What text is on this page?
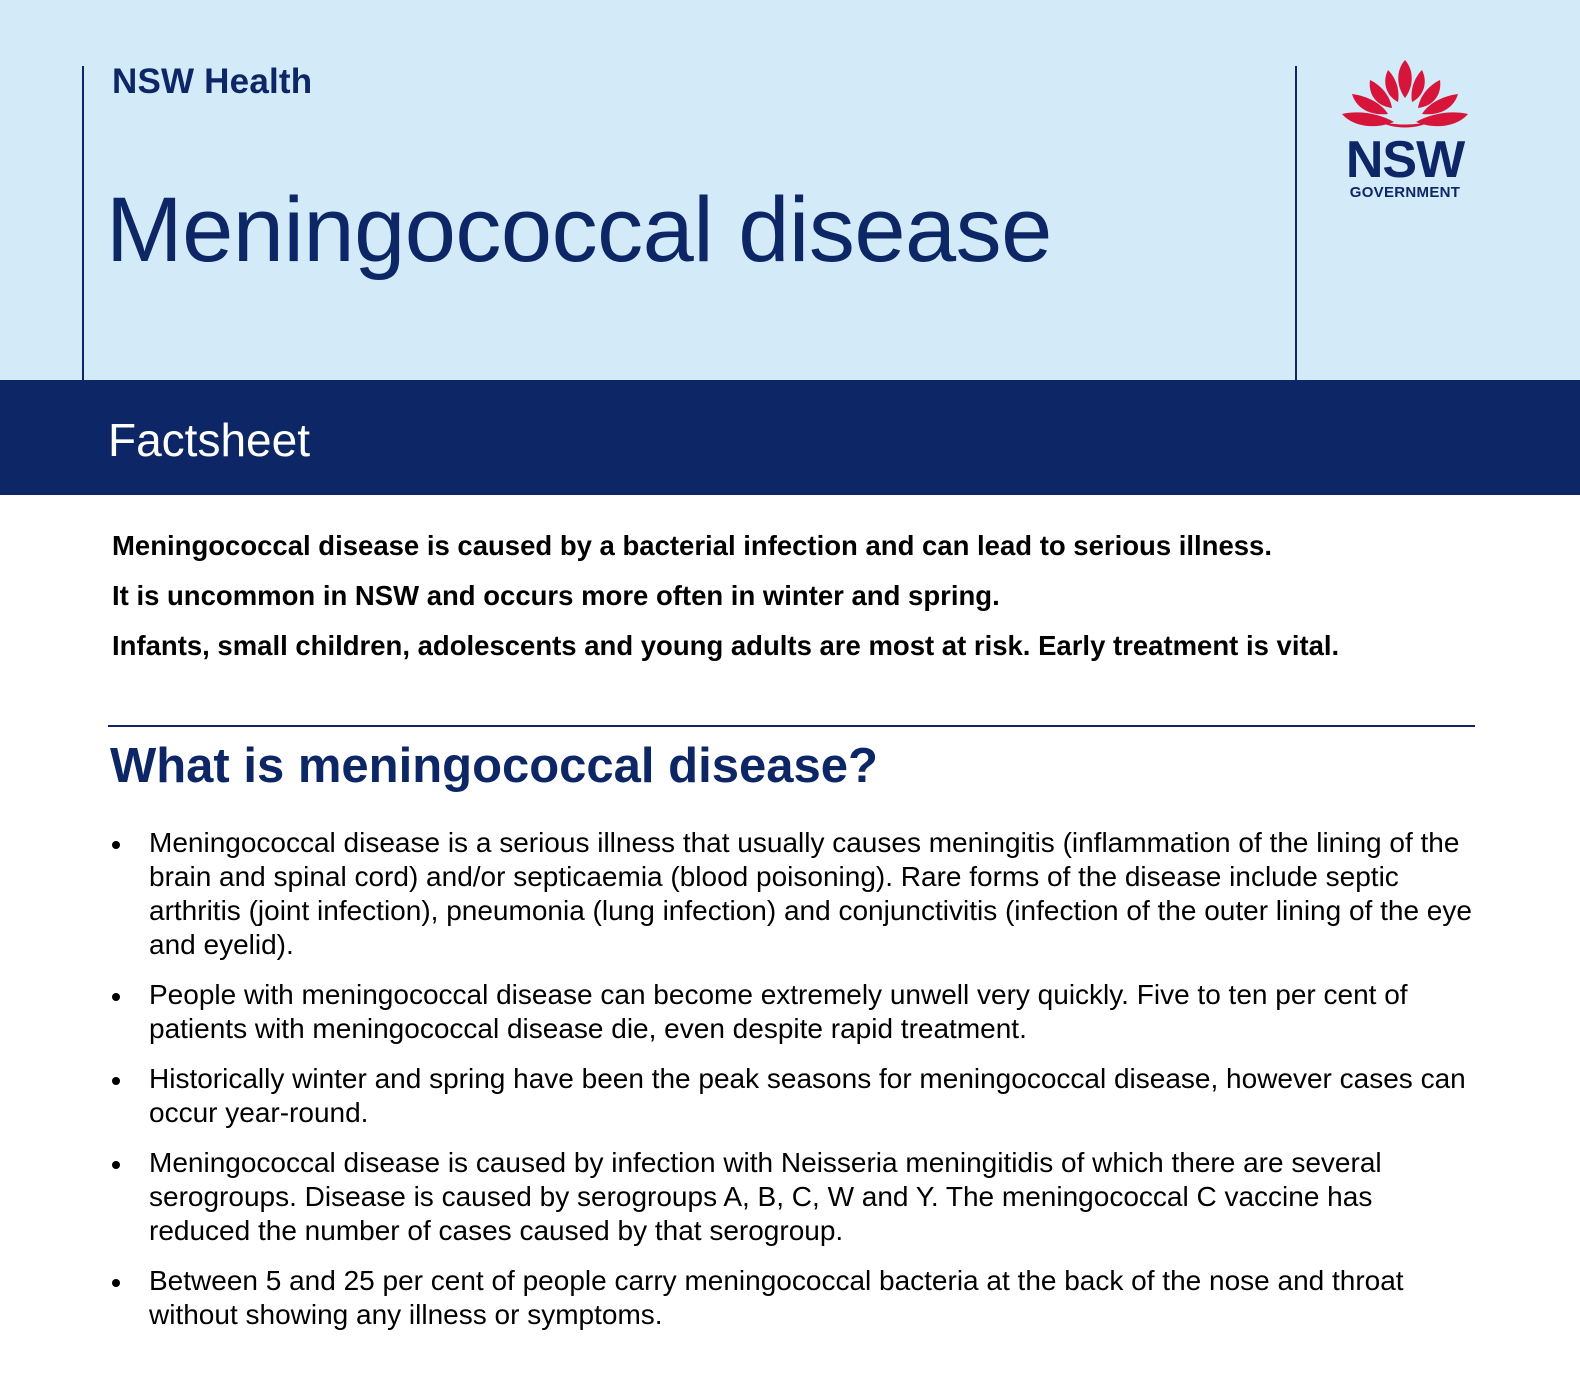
NSW Health
Meningococcal disease
NSW
GOVERNMENT
Factsheet

Meningococcal disease is caused by a bacterial infection and can lead to serious illness.

It is uncommon in NSW and occurs more often in winter and spring.

Infants, small children, adolescents and young adults are most at risk. Early treatment is vital.

What is meningococcal disease?
Meningococcal disease is a serious illness that usually causes meningitis (inflammation of the lining of the brain and spinal cord) and/or septicaemia (blood poisoning). Rare forms of the disease include septic arthritis (joint infection), pneumonia (lung infection) and conjunctivitis (infection of the outer lining of the eye and eyelid).
People with meningococcal disease can become extremely unwell very quickly. Five to ten per cent of patients with meningococcal disease die, even despite rapid treatment.
Historically winter and spring have been the peak seasons for meningococcal disease, however cases can occur year-round.
Meningococcal disease is caused by infection with Neisseria meningitidis of which there are several serogroups. Disease is caused by serogroups A, B, C, W and Y. The meningococcal C vaccine has reduced the number of cases caused by that serogroup.
Between 5 and 25 per cent of people carry meningococcal bacteria at the back of the nose and throat without showing any illness or symptoms.
